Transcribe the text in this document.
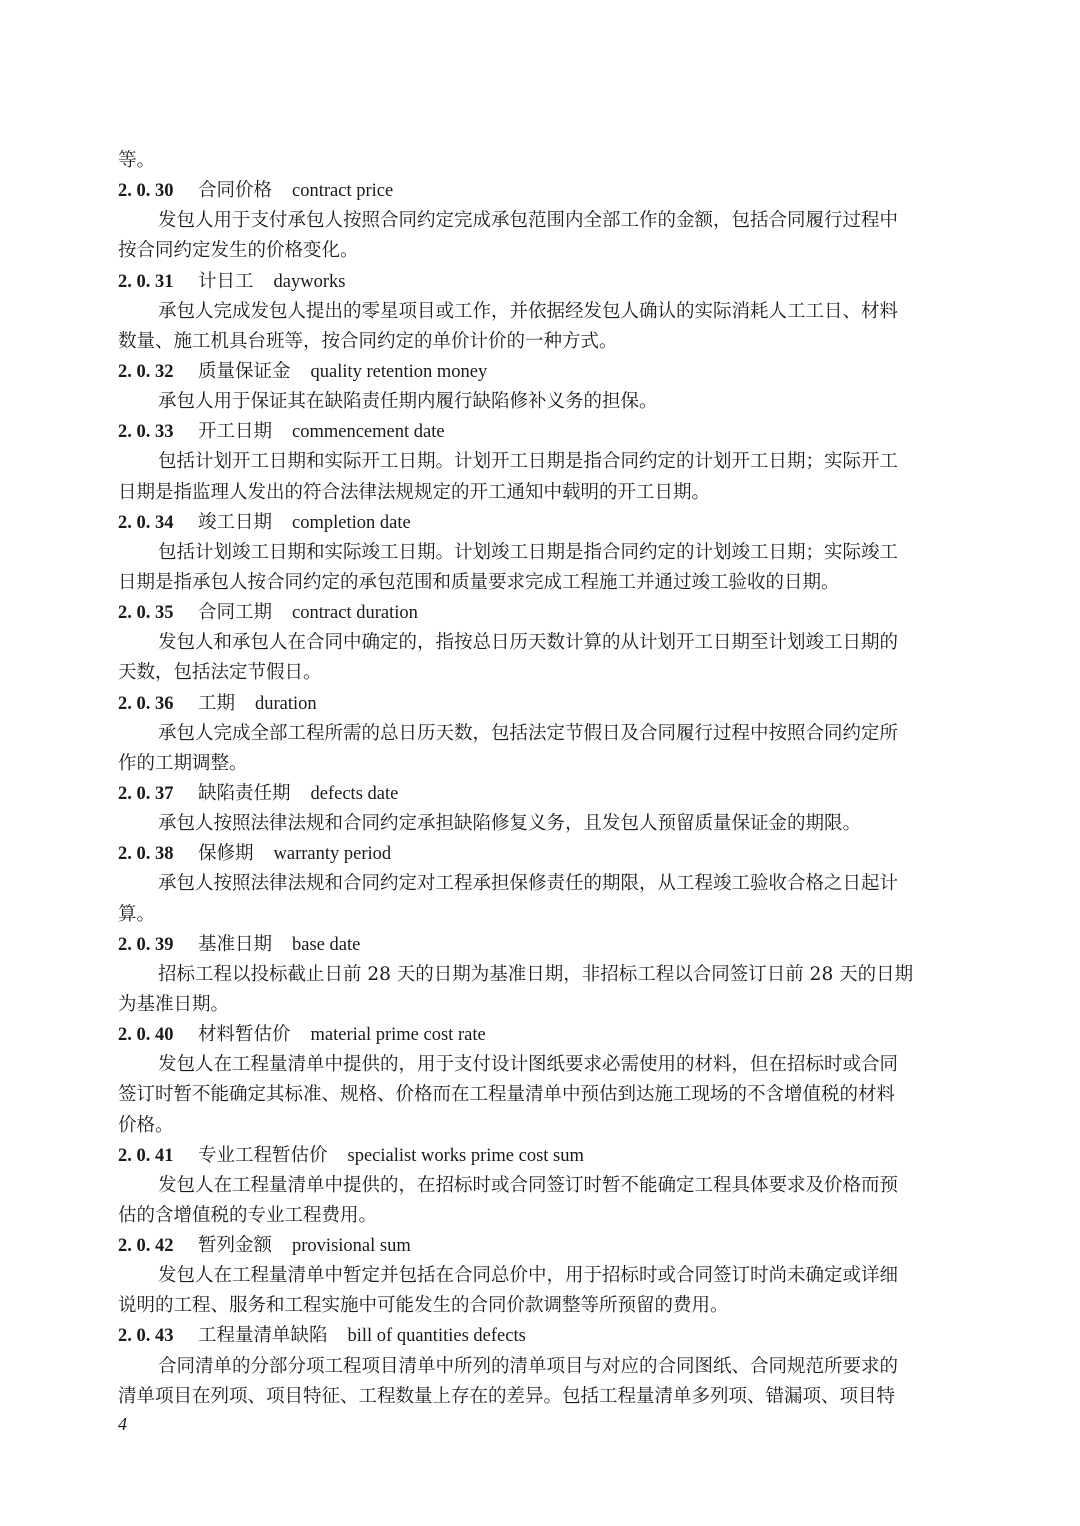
等。
2. 0. 30 合同价格 contract price
发包人用于支付承包人按照合同约定完成承包范围内全部工作的金额，包括合同履行过程中
按合同约定发生的价格变化。
2. 0. 31 计日工 dayworks
承包人完成发包人提出的零星项目或工作，并依据经发包人确认的实际消耗人工工日、材料
数量、施工机具台班等，按合同约定的单价计价的一种方式。
2. 0. 32 质量保证金 quality retention money
承包人用于保证其在缺陷责任期内履行缺陷修补义务的担保。
2. 0. 33 开工日期 commencement date
包括计划开工日期和实际开工日期。计划开工日期是指合同约定的计划开工日期；实际开工
日期是指监理人发出的符合法律法规规定的开工通知中载明的开工日期。
2. 0. 34 竣工日期 completion date
包括计划竣工日期和实际竣工日期。计划竣工日期是指合同约定的计划竣工日期；实际竣工
日期是指承包人按合同约定的承包范围和质量要求完成工程施工并通过竣工验收的日期。
2. 0. 35 合同工期 contract duration
发包人和承包人在合同中确定的，指按总日历天数计算的从计划开工日期至计划竣工日期的
天数，包括法定节假日。
2. 0. 36 工期 duration
承包人完成全部工程所需的总日历天数，包括法定节假日及合同履行过程中按照合同约定所
作的工期调整。
2. 0. 37 缺陷责任期 defects date
承包人按照法律法规和合同约定承担缺陷修复义务，且发包人预留质量保证金的期限。
2. 0. 38 保修期 warranty period
承包人按照法律法规和合同约定对工程承担保修责任的期限，从工程竣工验收合格之日起计
算。
2. 0. 39 基准日期 base date
招标工程以投标截止日前 28 天的日期为基准日期，非招标工程以合同签订日前 28 天的日期
为基准日期。
2. 0. 40 材料暂估价 material prime cost rate
发包人在工程量清单中提供的，用于支付设计图纸要求必需使用的材料，但在招标时或合同
签订时暂不能确定其标准、规格、价格而在工程量清单中预估到达施工现场的不含增值税的材料
价格。
2. 0. 41 专业工程暂估价 specialist works prime cost sum
发包人在工程量清单中提供的，在招标时或合同签订时暂不能确定工程具体要求及价格而预
估的含增值税的专业工程费用。
2. 0. 42 暂列金额 provisional sum
发包人在工程量清单中暂定并包括在合同总价中，用于招标时或合同签订时尚未确定或详细
说明的工程、服务和工程实施中可能发生的合同价款调整等所预留的费用。
2. 0. 43 工程量清单缺陷 bill of quantities defects
合同清单的分部分项工程项目清单中所列的清单项目与对应的合同图纸、合同规范所要求的
清单项目在列项、项目特征、工程数量上存在的差异。包括工程量清单多列项、错漏项、项目特
4
